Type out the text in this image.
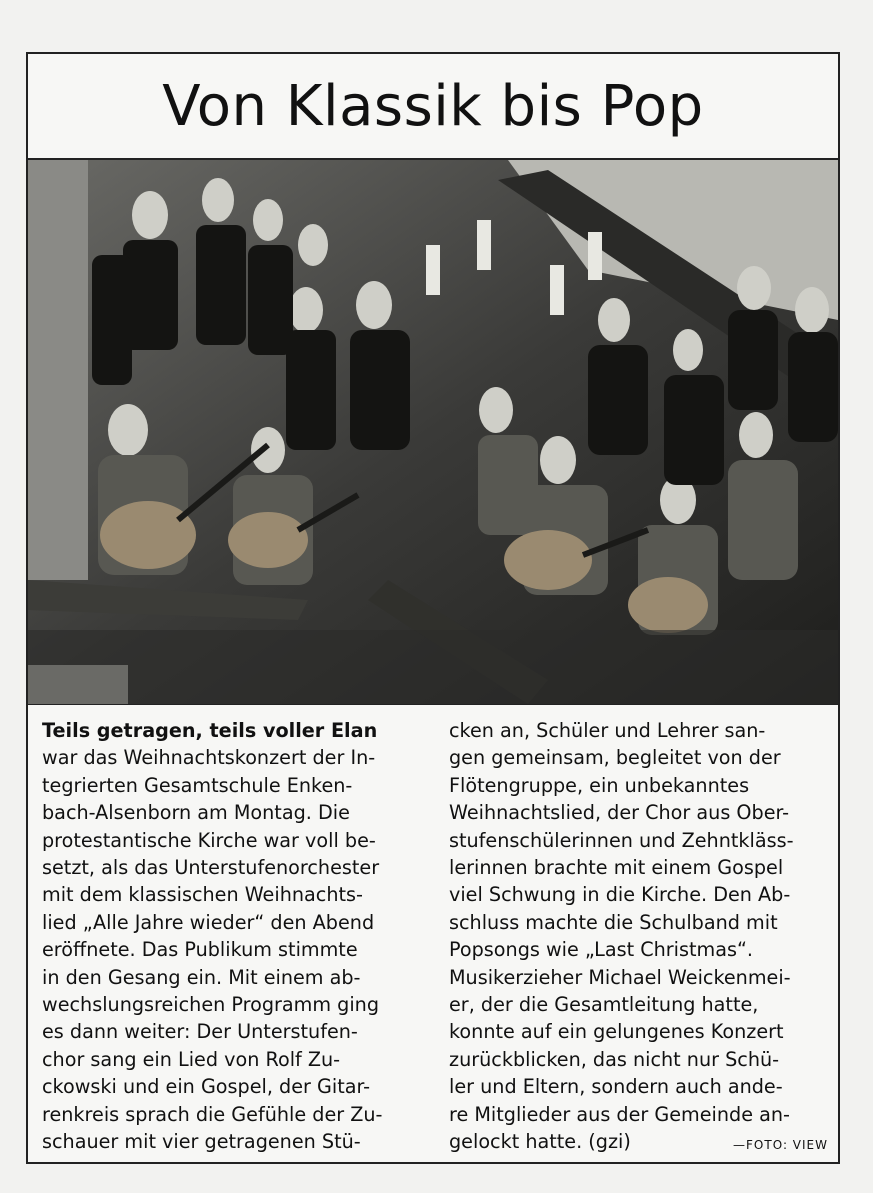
Von Klassik bis Pop
Teils getragen, teils voller Elan
war das Weihnachtskonzert der In-
tegrierten Gesamtschule Enken-
bach-Alsenborn am Montag. Die
protestantische Kirche war voll be-
setzt, als das Unterstufenorchester
mit dem klassischen Weihnachts-
lied „Alle Jahre wieder“ den Abend
eröffnete. Das Publikum stimmte
in den Gesang ein. Mit einem ab-
wechslungsreichen Programm ging
es dann weiter: Der Unterstufen-
chor sang ein Lied von Rolf Zu-
ckowski und ein Gospel, der Gitar-
renkreis sprach die Gefühle der Zu-
schauer mit vier getragenen Stü-
cken an, Schüler und Lehrer san-
gen gemeinsam, begleitet von der
Flötengruppe, ein unbekanntes
Weihnachtslied, der Chor aus Ober-
stufenschülerinnen und Zehntkläss-
lerinnen brachte mit einem Gospel
viel Schwung in die Kirche. Den Ab-
schluss machte die Schulband mit
Popsongs wie „Last Christmas“.
Musikerzieher Michael Weickenmei-
er, der die Gesamtleitung hatte,
konnte auf ein gelungenes Konzert
zurückblicken, das nicht nur Schü-
ler und Eltern, sondern auch ande-
re Mitglieder aus der Gemeinde an-
gelockt hatte. (gzi)	—FOTO: VIEW
